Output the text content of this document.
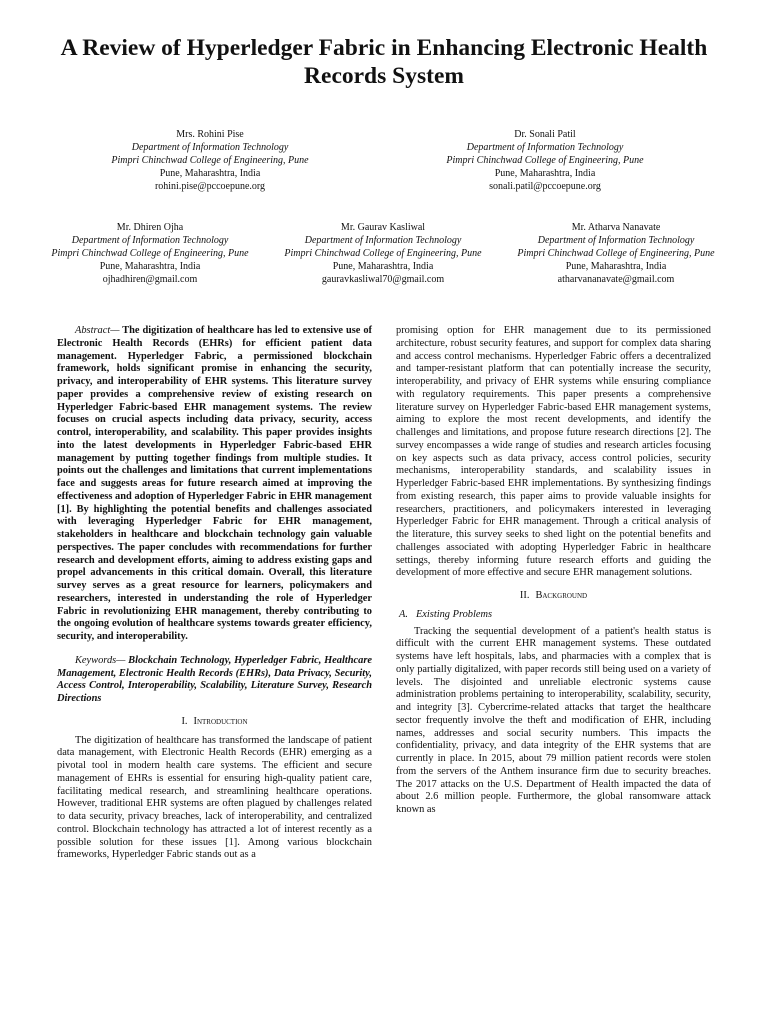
A Review of Hyperledger Fabric in Enhancing Electronic Health Records System
Mrs. Rohini Pise
Department of Information Technology
Pimpri Chinchwad College of Engineering, Pune
Pune, Maharashtra, India
rohini.pise@pccoepune.org
Dr. Sonali Patil
Department of Information Technology
Pimpri Chinchwad College of Engineering, Pune
Pune, Maharashtra, India
sonali.patil@pccoepune.org
Mr. Dhiren Ojha
Department of Information Technology
Pimpri Chinchwad College of Engineering, Pune
Pune, Maharashtra, India
ojhadhiren@gmail.com
Mr. Gaurav Kasliwal
Department of Information Technology
Pimpri Chinchwad College of Engineering, Pune
Pune, Maharashtra, India
gauravkasliwal70@gmail.com
Mr. Atharva Nanavate
Department of Information Technology
Pimpri Chinchwad College of Engineering, Pune
Pune, Maharashtra, India
atharvananavate@gmail.com

Abstract— The digitization of healthcare has led to extensive use of Electronic Health Records (EHRs) for efficient patient data management. Hyperledger Fabric, a permissioned blockchain framework, holds significant promise in enhancing the security, privacy, and interoperability of EHR systems. This literature survey paper provides a comprehensive review of existing research on Hyperledger Fabric-based EHR management systems. The review focuses on crucial aspects including data privacy, security, access control, interoperability, and scalability. This paper provides insights into the latest developments in Hyperledger Fabric-based EHR management by putting together findings from multiple studies. It points out the challenges and limitations that current implementations face and suggests areas for future research aimed at improving the effectiveness and adoption of Hyperledger Fabric in EHR management [1]. By highlighting the potential benefits and challenges associated with leveraging Hyperledger Fabric for EHR management, stakeholders in healthcare and blockchain technology gain valuable perspectives. The paper concludes with recommendations for further research and development efforts, aiming to address existing gaps and propel advancements in this critical domain. Overall, this literature survey serves as a great resource for learners, policymakers and researchers, interested in understanding the role of Hyperledger Fabric in revolutionizing EHR management, thereby contributing to the ongoing evolution of healthcare systems towards greater efficiency, security, and interoperability.

Keywords— Blockchain Technology, Hyperledger Fabric, Healthcare Management, Electronic Health Records (EHRs), Data Privacy, Security, Access Control, Interoperability, Scalability, Literature Survey, Research Directions

I. Introduction

The digitization of healthcare has transformed the landscape of patient data management, with Electronic Health Records (EHR) emerging as a pivotal tool in modern health care systems. The efficient and secure management of EHRs is essential for ensuring high-quality patient care, facilitating medical research, and streamlining healthcare operations. However, traditional EHR systems are often plagued by challenges related to data security, privacy breaches, lack of interoperability, and centralized control. Blockchain technology has attracted a lot of interest recently as a possible solution for these issues [1]. Among various blockchain frameworks, Hyperledger Fabric stands out as a

promising option for EHR management due to its permissioned architecture, robust security features, and support for complex data sharing and access control mechanisms. Hyperledger Fabric offers a decentralized and tamper-resistant platform that can potentially increase the security, interoperability, and privacy of EHR systems while ensuring compliance with regulatory requirements. This paper presents a comprehensive literature survey on Hyperledger Fabric-based EHR management systems, aiming to explore the most recent developments, and identify the challenges and limitations, and propose future research directions [2]. The survey encompasses a wide range of studies and research articles focusing on key aspects such as data privacy, access control policies, security mechanisms, interoperability standards, and scalability issues in Hyperledger Fabric-based EHR implementations. By synthesizing findings from existing research, this paper aims to provide valuable insights for researchers, practitioners, and policymakers interested in leveraging Hyperledger Fabric for EHR management. Through a critical analysis of the literature, this survey seeks to shed light on the potential benefits and challenges associated with adopting Hyperledger Fabric in healthcare settings, thereby informing future research efforts and guiding the development of more effective and secure EHR management solutions.

II. Background

A. Existing Problems

Tracking the sequential development of a patient's health status is difficult with the current EHR management systems. These outdated systems have left hospitals, labs, and pharmacies with a complex that is only partially digitalized, with paper records still being used on a variety of levels. The disjointed and unreliable electronic systems cause administration problems pertaining to interoperability, scalability, security, and integrity [3]. Cybercrime-related attacks that target the healthcare sector frequently involve the theft and modification of EHR, including names, addresses and social security numbers. This impacts the confidentiality, privacy, and data integrity of the EHR systems that are currently in place. In 2015, about 79 million patient records were stolen from the servers of the Anthem insurance firm due to security breaches. The 2017 attacks on the U.S. Department of Health impacted the data of about 2.6 million people. Furthermore, the global ransomware attack known as
